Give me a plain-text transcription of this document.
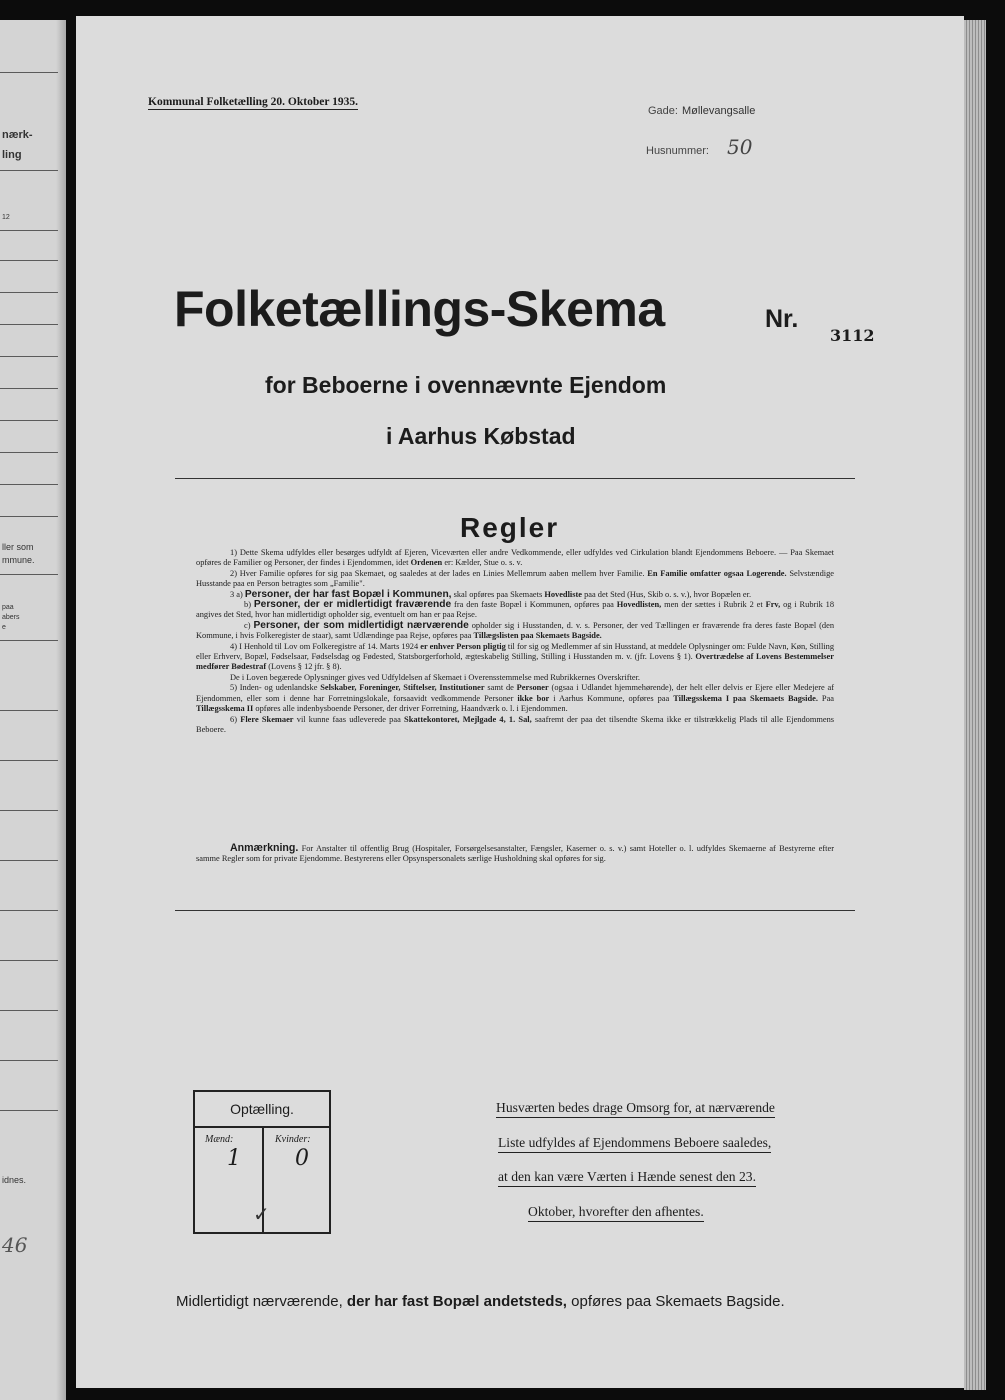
nærk-
ling
12
ller som
mmune.
paa
abers
e
idnes.
46
Kommunal Folketælling 20. Oktober 1935.
Gade: Møllevangsalle
Husnummer: 50
Folketællings-Skema	Nr.
3112
for Beboerne i ovennævnte Ejendom
i Aarhus Købstad
Regler

1) Dette Skema udfyldes eller besørges udfyldt af Ejeren, Viceværten eller andre Vedkommende, eller udfyldes ved Cirkulation blandt Ejendommens Beboere. — Paa Skemaet opføres de Familier og Personer, der findes i Ejendommen, idet Ordenen er: Kælder, Stue o. s. v.

2) Hver Familie opføres for sig paa Skemaet, og saaledes at der lades en Linies Mellemrum aaben mellem hver Familie. En Familie omfatter ogsaa Logerende. Selvstændige Husstande paa en Person betragtes som „Familie".

3 a) Personer, der har fast Bopæl i Kommunen, skal opføres paa Skemaets Hovedliste paa det Sted (Hus, Skib o. s. v.), hvor Bopælen er.

b) Personer, der er midlertidigt fraværende fra den faste Bopæl i Kommunen, opføres paa Hovedlisten, men der sættes i Rubrik 2 et Frv, og i Rubrik 18 angives det Sted, hvor han midlertidigt opholder sig, eventuelt om han er paa Rejse.

c) Personer, der som midlertidigt nærværende opholder sig i Husstanden, d. v. s. Personer, der ved Tællingen er fraværende fra deres faste Bopæl (den Kommune, i hvis Folkeregister de staar), samt Udlændinge paa Rejse, opføres paa Tillægslisten paa Skemaets Bagside.

4) I Henhold til Lov om Folkeregistre af 14. Marts 1924 er enhver Person pligtig til for sig og Medlemmer af sin Husstand, at meddele Oplysninger om: Fulde Navn, Køn, Stilling eller Erhverv, Bopæl, Fødselsaar, Fødselsdag og Fødested, Statsborgerforhold, ægteskabelig Stilling, Stilling i Husstanden m. v. (jfr. Lovens § 1). Overtrædelse af Lovens Bestemmelser medfører Bødestraf (Lovens § 12 jfr. § 8).

De i Loven begærede Oplysninger gives ved Udfyldelsen af Skemaet i Overensstemmelse med Rubrikkernes Overskrifter.

5) Inden- og udenlandske Selskaber, Foreninger, Stiftelser, Institutioner samt de Personer (ogsaa i Udlandet hjemmehørende), der helt eller delvis er Ejere eller Medejere af Ejendommen, eller som i denne har Forretningslokale, forsaavidt vedkommende Personer ikke bor i Aarhus Kommune, opføres paa Tillægsskema I paa Skemaets Bagside. Paa Tillægsskema II opføres alle indenbysboende Personer, der driver Forretning, Haandværk o. l. i Ejendommen.

6) Flere Skemaer vil kunne faas udleverede paa Skattekontoret, Mejlgade 4, 1. Sal, saafremt der paa det tilsendte Skema ikke er tilstrækkelig Plads til alle Ejendommens Beboere.

Anmærkning. For Anstalter til offentlig Brug (Hospitaler, Forsørgelsesanstalter, Fængsler, Kaserner o. s. v.) samt Hoteller o. l. udfyldes Skemaerne af Bestyrerne efter samme Regler som for private Ejendomme. Bestyrerens eller Opsynspersonalets særlige Husholdning skal opføres for sig.
Optælling.
Mænd:	Kvinder:
1 0
✓
Husværten bedes drage Omsorg for, at nærværende
Liste udfyldes af Ejendommens Beboere saaledes,
at den kan være Værten i Hænde senest den 23.
Oktober, hvorefter den afhentes.
Midlertidigt nærværende, der har fast Bopæl andetsteds, opføres paa Skemaets Bagside.
